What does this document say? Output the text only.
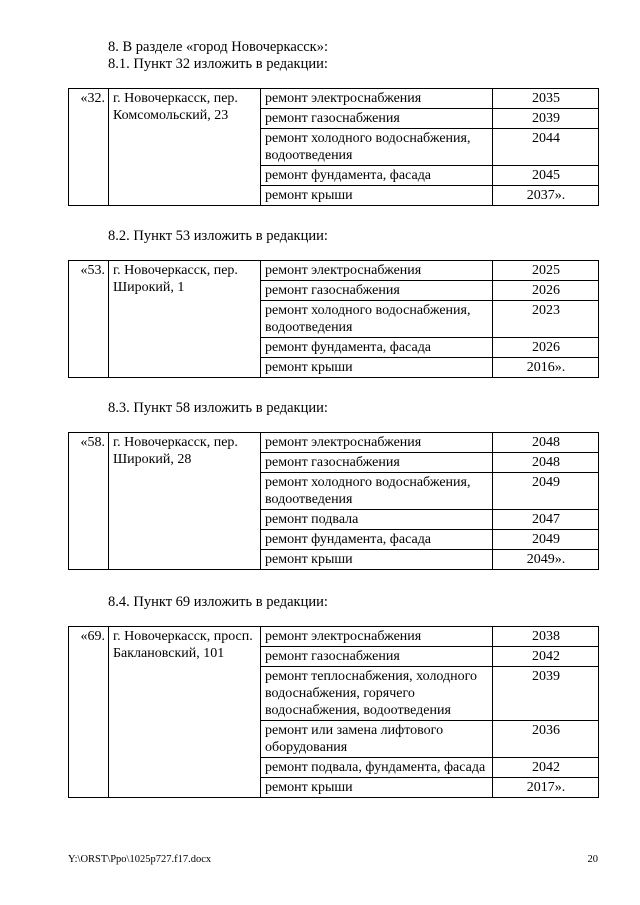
8. В разделе «город Новочеркасск»:
8.1. Пункт 32 изложить в редакции:
«32.	г. Новочеркасск, пер. Комсомольский, 23	ремонт электроснабжения	2035
		ремонт газоснабжения	2039
		ремонт холодного водоснабжения, водоотведения	2044
		ремонт фундамента, фасада	2045
		ремонт крыши	2037».
8.2. Пункт 53 изложить в редакции:
«53.	г. Новочеркасск, пер. Широкий, 1	ремонт электроснабжения	2025
		ремонт газоснабжения	2026
		ремонт холодного водоснабжения, водоотведения	2023
		ремонт фундамента, фасада	2026
		ремонт крыши	2016».
8.3. Пункт 58 изложить в редакции:
«58.	г. Новочеркасск, пер. Широкий, 28	ремонт электроснабжения	2048
		ремонт газоснабжения	2048
		ремонт холодного водоснабжения, водоотведения	2049
		ремонт подвала	2047
		ремонт фундамента, фасада	2049
		ремонт крыши	2049».
8.4. Пункт 69 изложить в редакции:
«69.	г. Новочеркасск, просп. Баклановский, 101	ремонт электроснабжения	2038
		ремонт газоснабжения	2042
		ремонт теплоснабжения, холодного водоснабжения, горячего водоснабжения, водоотведения	2039
		ремонт или замена лифтового оборудования	2036
		ремонт подвала, фундамента, фасада	2042
		ремонт крыши	2017».
Y:\ORST\Ppo\1025p727.f17.docx	20
